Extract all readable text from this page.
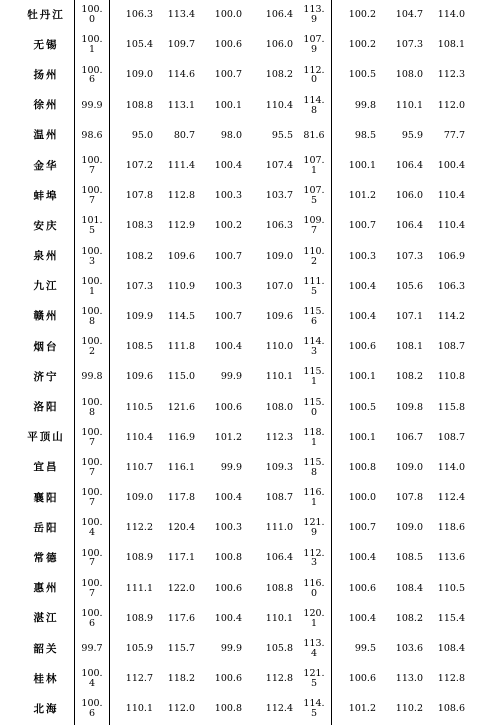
牡丹江	100.0	106.3	113.4	100.0	106.4	113.9	100.2	104.7	114.0
无锡	100.1	105.4	109.7	100.6	106.0	107.9	100.2	107.3	108.1
扬州	100.6	109.0	114.6	100.7	108.2	112.0	100.5	108.0	112.3
徐州	99.9	108.8	113.1	100.1	110.4	114.8	99.8	110.1	112.0
温州	98.6	95.0	80.7	98.0	95.5	81.6	98.5	95.9	77.7
金华	100.7	107.2	111.4	100.4	107.4	107.1	100.1	106.4	100.4
蚌埠	100.7	107.8	112.8	100.3	103.7	107.5	101.2	106.0	110.4
安庆	101.5	108.3	112.9	100.2	106.3	109.7	100.7	106.4	110.4
泉州	100.3	108.2	109.6	100.7	109.0	110.2	100.3	107.3	106.9
九江	100.1	107.3	110.9	100.3	107.0	111.5	100.4	105.6	106.3
赣州	100.8	109.9	114.5	100.7	109.6	115.6	100.4	107.1	114.2
烟台	100.2	108.5	111.8	100.4	110.0	114.3	100.6	108.1	108.7
济宁	99.8	109.6	115.0	99.9	110.1	115.1	100.1	108.2	110.8
洛阳	100.8	110.5	121.6	100.6	108.0	115.0	100.5	109.8	115.8
平顶山	100.7	110.4	116.9	101.2	112.3	118.1	100.1	106.7	108.7
宜昌	100.7	110.7	116.1	99.9	109.3	115.8	100.8	109.0	114.0
襄阳	100.7	109.0	117.8	100.4	108.7	116.1	100.0	107.8	112.4
岳阳	100.4	112.2	120.4	100.3	111.0	121.9	100.7	109.0	118.6
常德	100.7	108.9	117.1	100.8	106.4	112.3	100.4	108.5	113.6
惠州	100.7	111.1	122.0	100.6	108.8	116.0	100.6	108.4	110.5
湛江	100.6	108.9	117.6	100.4	110.1	120.1	100.4	108.2	115.4
韶关	99.7	105.9	115.7	99.9	105.8	113.4	99.5	103.6	108.4
桂林	100.4	112.7	118.2	100.6	112.8	121.5	100.6	113.0	112.8
北海	100.6	110.1	112.0	100.8	112.4	114.5	101.2	110.2	108.6
